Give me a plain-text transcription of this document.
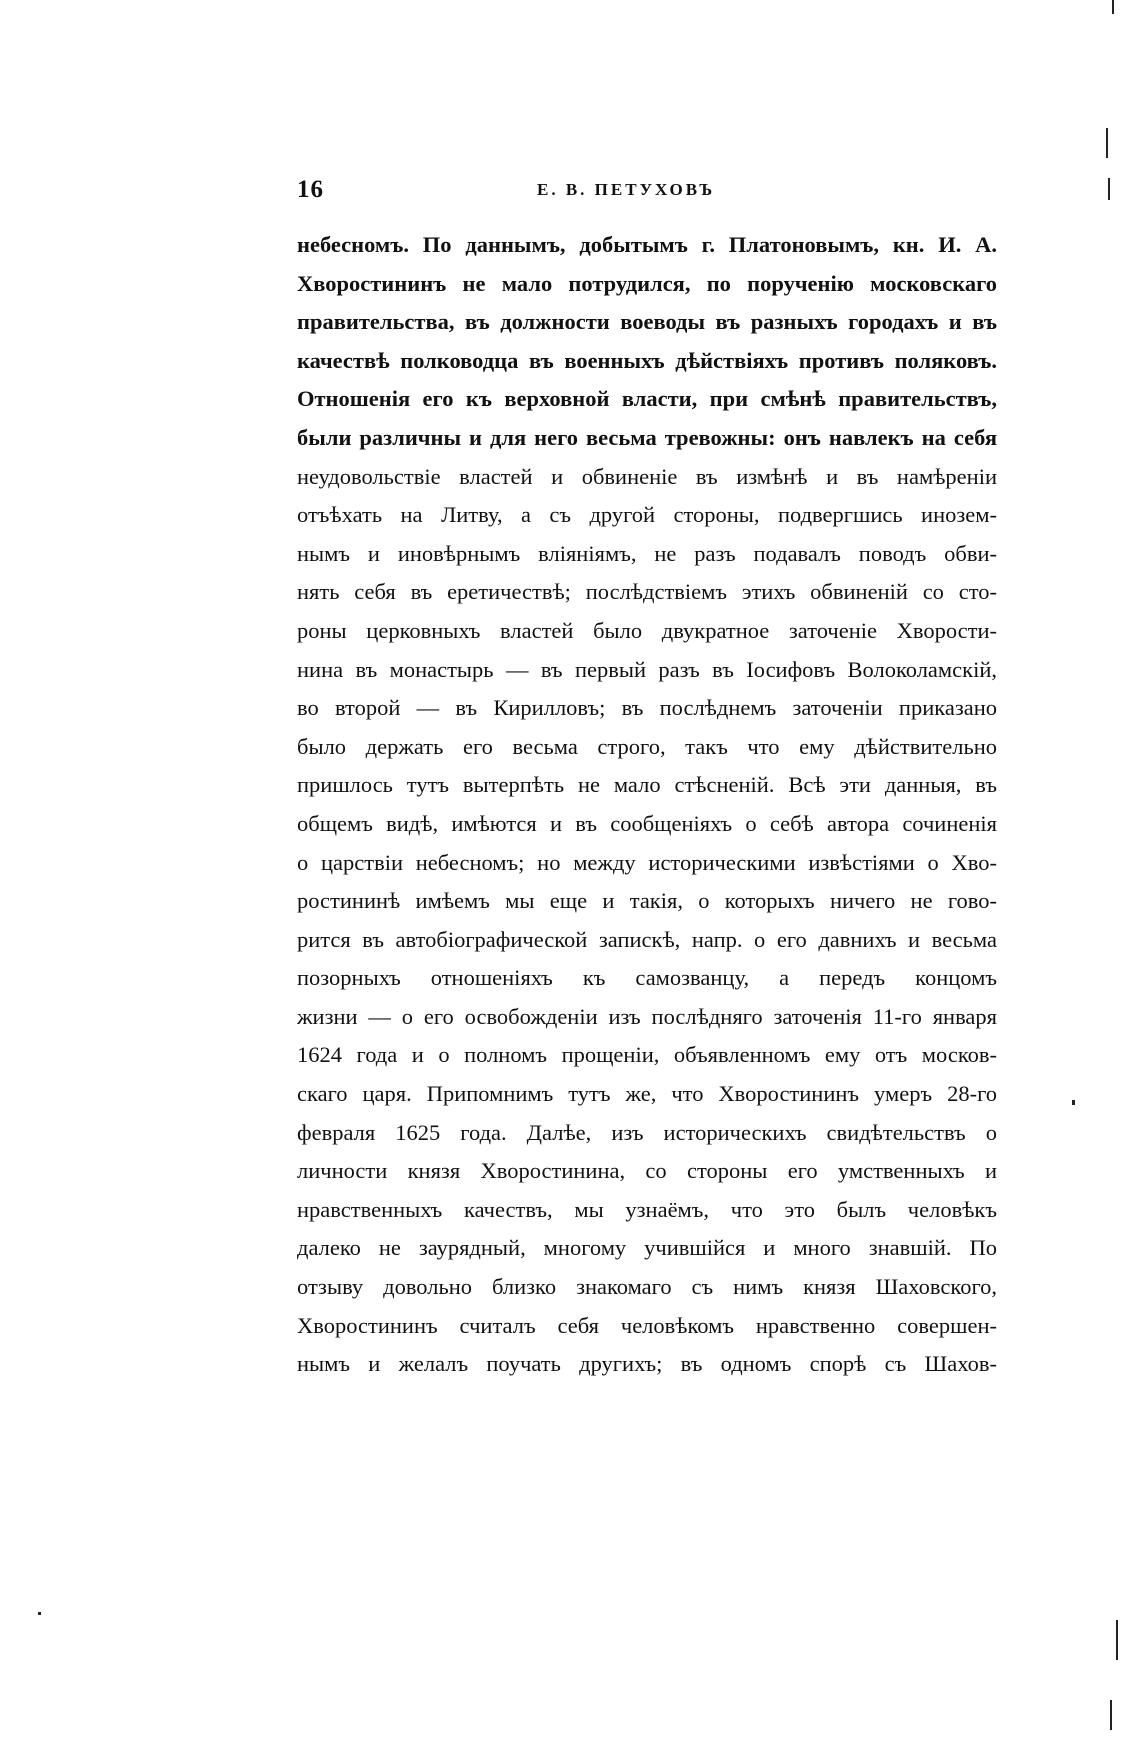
16	Е. В. ПЕТУХОВЪ
небесномъ. По даннымъ, добытымъ г. Платоновымъ, кн. И. А.
Хворостининъ не мало потрудился, по порученію московскаго
правительства, въ должности воеводы въ разныхъ городахъ и въ
качествѣ полководца въ военныхъ дѣйствіяхъ противъ поляковъ.
Отношенія его къ верховной власти, при смѣнѣ правительствъ,
были различны и для него весьма тревожны: онъ навлекъ на себя
неудовольствіе властей и обвиненіе въ измѣнѣ и въ намѣреніи
отъѣхать на Литву, а съ другой стороны, подвергшись инозем-
нымъ и иновѣрнымъ вліяніямъ, не разъ подавалъ поводъ обви-
нять себя въ еретичествѣ; послѣдствіемъ этихъ обвиненій со сто-
роны церковныхъ властей было двукратное заточеніе Хворости-
нина въ монастырь — въ первый разъ въ Іосифовъ Волоколамскій,
во второй — въ Кирилловъ; въ послѣднемъ заточеніи приказано
было держать его весьма строго, такъ что ему дѣйствительно
пришлось тутъ вытерпѣть не мало стѣсненій. Всѣ эти данныя, въ
общемъ видѣ, имѣются и въ сообщеніяхъ о себѣ автора сочиненія
о царствіи небесномъ; но между историческими извѣстіями о Хво-
ростининѣ имѣемъ мы еще и такія, о которыхъ ничего не гово-
рится въ автобіографической запискѣ, напр. о его давнихъ и весьма
позорныхъ отношеніяхъ къ самозванцу, а передъ концомъ
жизни — о его освобожденіи изъ послѣдняго заточенія 11-го января
1624 года и о полномъ прощеніи, объявленномъ ему отъ москов-
скаго царя. Припомнимъ тутъ же, что Хворостининъ умеръ 28-го
февраля 1625 года. Далѣе, изъ историческихъ свидѣтельствъ о
личности князя Хворостинина, со стороны его умственныхъ и
нравственныхъ качествъ, мы узнаёмъ, что это былъ человѣкъ
далеко не заурядный, многому учившійся и много знавшій. По
отзыву довольно близко знакомаго съ нимъ князя Шаховского,
Хворостининъ считалъ себя человѣкомъ нравственно совершен-
нымъ и желалъ поучать другихъ; въ одномъ спорѣ съ Шахов-
